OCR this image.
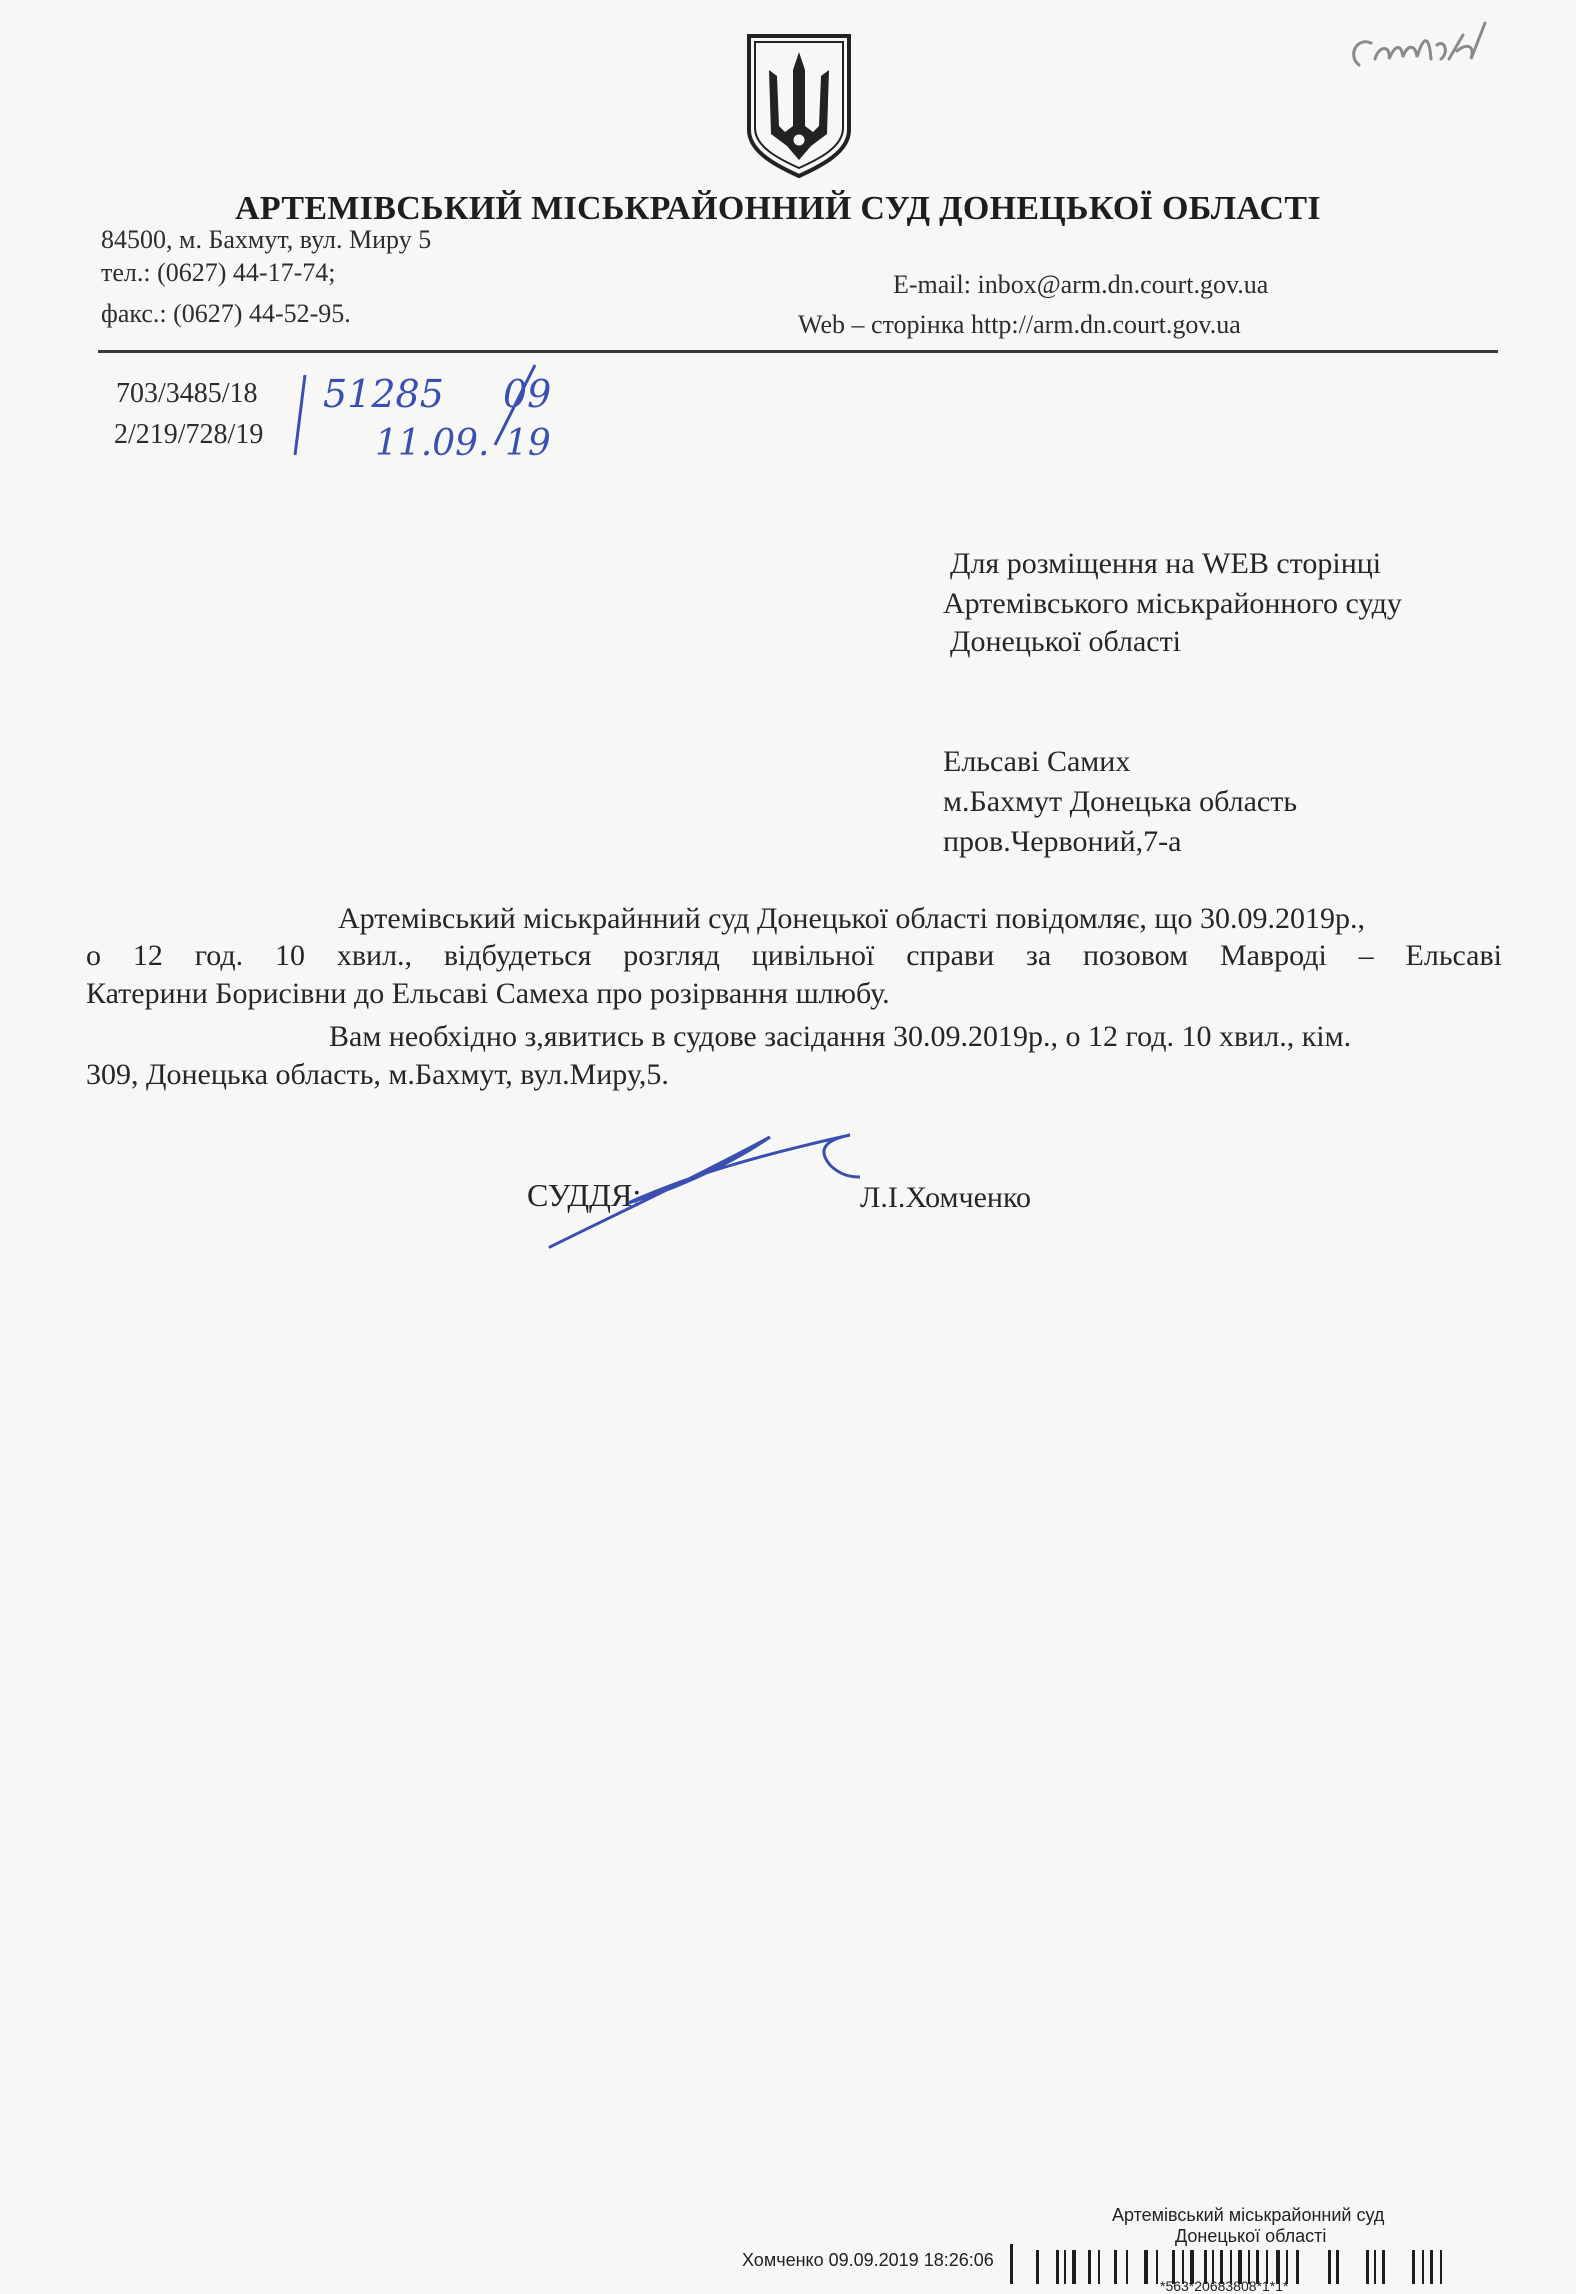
АРТЕМІВСЬКИЙ МІСЬКРАЙОННИЙ СУД ДОНЕЦЬКОЇ ОБЛАСТІ
84500, м. Бахмут, вул. Миру 5
тел.: (0627) 44-17-74;
факс.: (0627) 44-52-95.
E-mail: inbox@arm.dn.court.gov.ua
Web – сторінка http://arm.dn.court.gov.ua
703/3485/18
2/219/728/19
51285 09
11.09. 19
Для розміщення на WEB сторінці
Артемівського міськрайонного суду
Донецької області
Ельсаві Самих
м.Бахмут Донецька область
пров.Червоний,7-а
Артемівський міськрайнний суд Донецької області повідомляє, що 30.09.2019р.,
о 12 год. 10 хвил., відбудеться розгляд цивільної справи за позовом Мавроді – Ельсаві
Катерини Борисівни до Ельсаві Самеха про розірвання шлюбу.
Вам необхідно з,явитись в судове засідання 30.09.2019р., о 12 год. 10 хвил., кім.
309, Донецька область, м.Бахмут, вул.Миру,5.
СУДДЯ:	Л.І.Хомченко
Артемівський міськрайонний суд
Донецької області
Хомченко 09.09.2019 18:26:06
*563*20683808*1*1*
